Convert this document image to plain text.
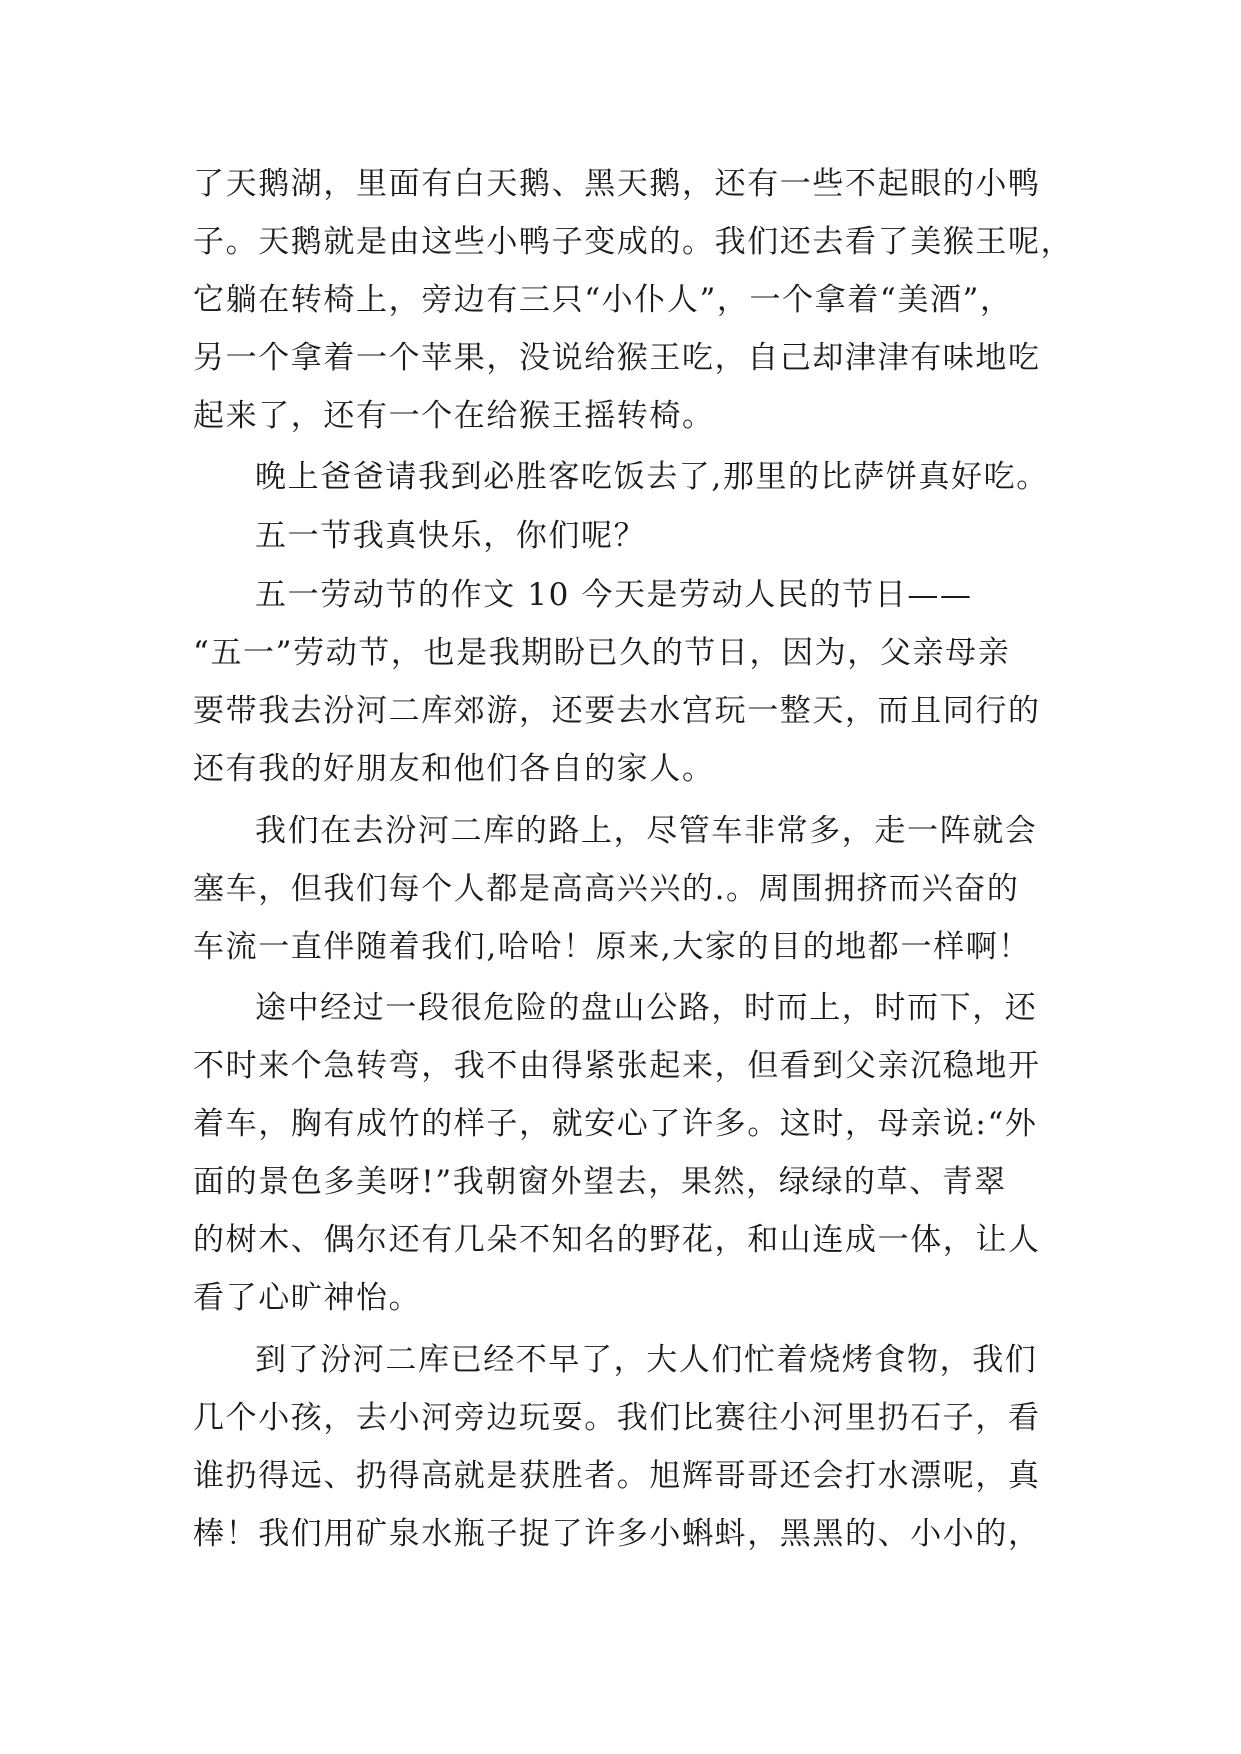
了天鹅湖，里面有白天鹅、黑天鹅，还有一些不起眼的小鸭
子。天鹅就是由这些小鸭子变成的。我们还去看了美猴王呢，
它躺在转椅上，旁边有三只“小仆人”，一个拿着“美酒”，
另一个拿着一个苹果，没说给猴王吃，自己却津津有味地吃
起来了，还有一个在给猴王摇转椅。
晚上爸爸请我到必胜客吃饭去了,那里的比萨饼真好吃。
五一节我真快乐，你们呢？
五一劳动节的作文 10 今天是劳动人民的节日——
“五一”劳动节，也是我期盼已久的节日，因为，父亲母亲
要带我去汾河二库郊游，还要去水宫玩一整天，而且同行的
还有我的好朋友和他们各自的家人。
我们在去汾河二库的路上，尽管车非常多，走一阵就会
塞车，但我们每个人都是高高兴兴的.。周围拥挤而兴奋的
车流一直伴随着我们,哈哈！原来,大家的目的地都一样啊！
途中经过一段很危险的盘山公路，时而上，时而下，还
不时来个急转弯，我不由得紧张起来，但看到父亲沉稳地开
着车，胸有成竹的样子，就安心了许多。这时，母亲说:“外
面的景色多美呀!”我朝窗外望去，果然，绿绿的草、青翠
的树木、偶尔还有几朵不知名的野花，和山连成一体，让人
看了心旷神怡。
到了汾河二库已经不早了，大人们忙着烧烤食物，我们
几个小孩，去小河旁边玩耍。我们比赛往小河里扔石子，看
谁扔得远、扔得高就是获胜者。旭辉哥哥还会打水漂呢，真
棒！我们用矿泉水瓶子捉了许多小蝌蚪，黑黑的、小小的，
